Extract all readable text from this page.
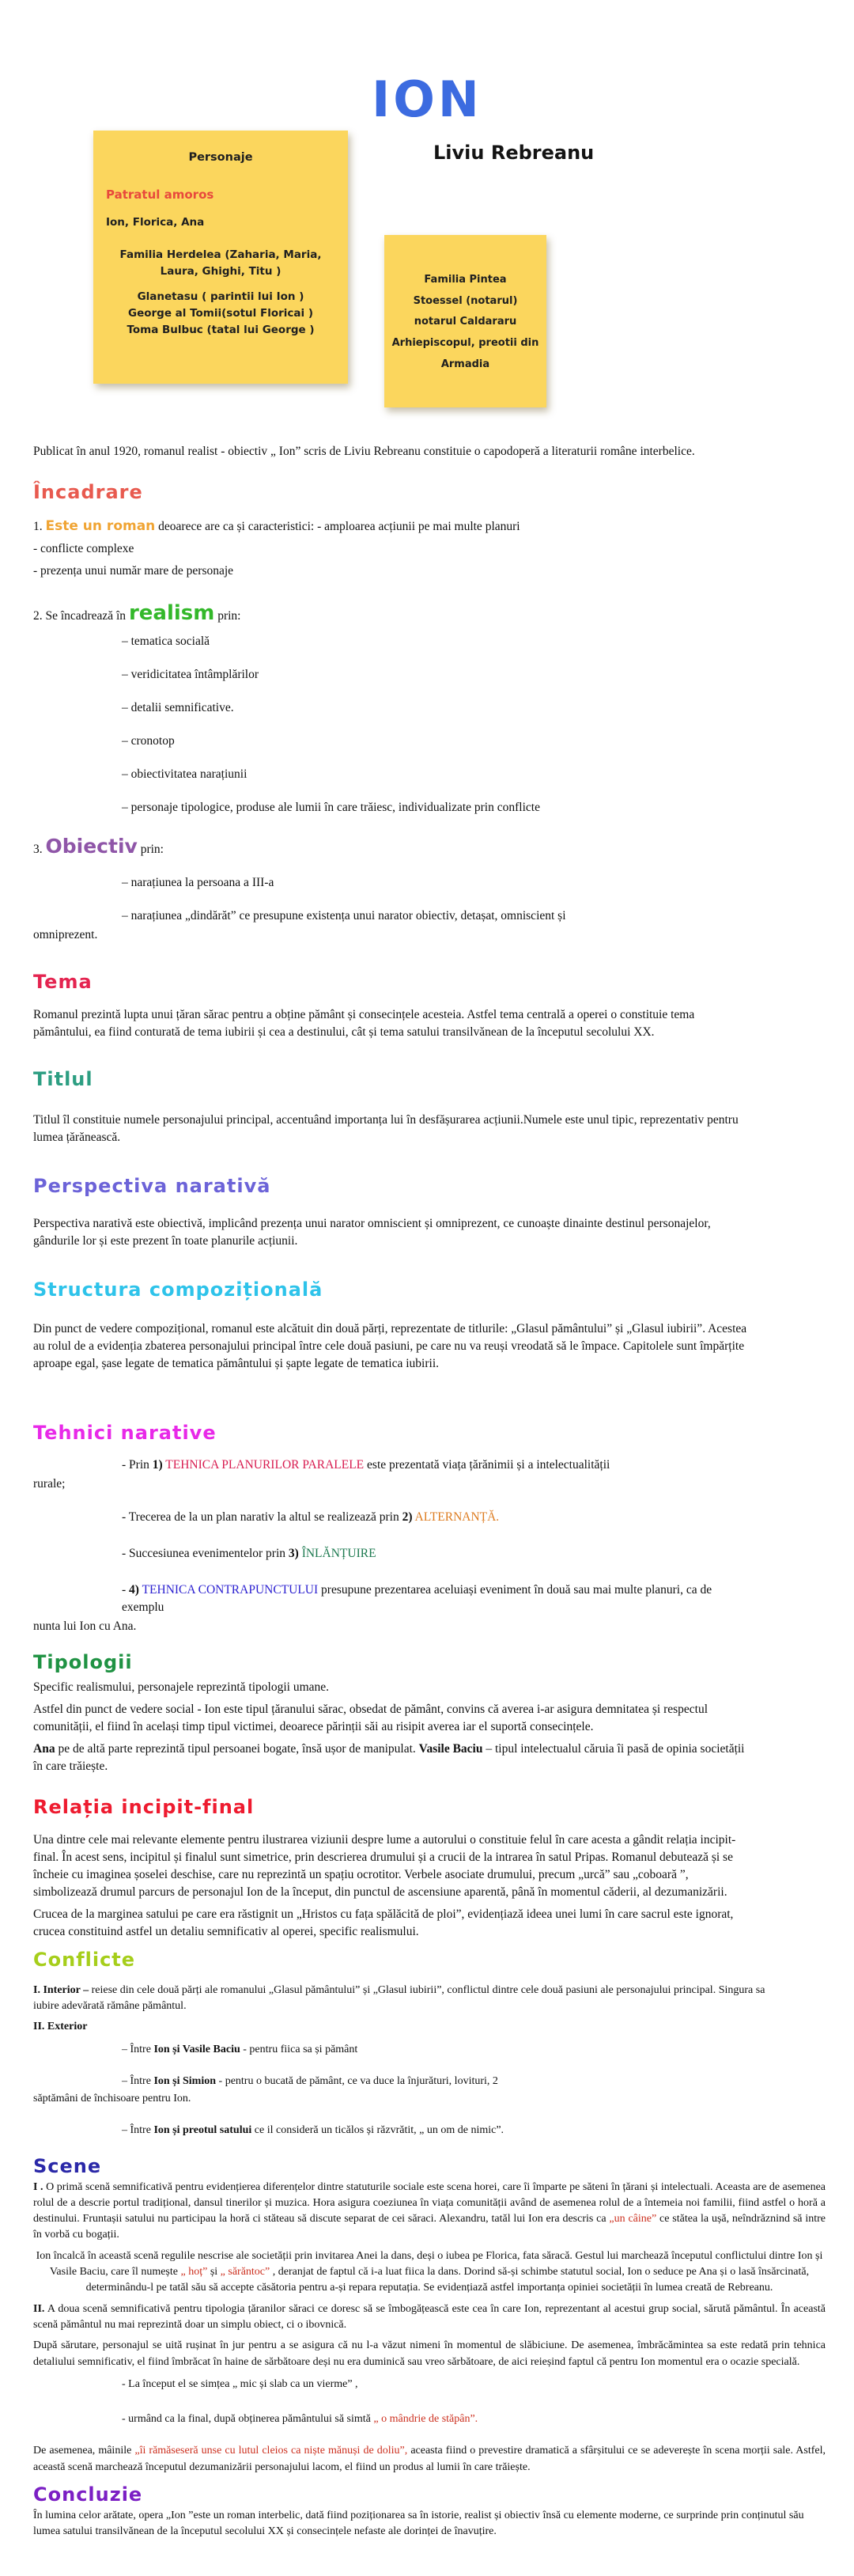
ION
Liviu Rebreanu
Personaje
Patratul amoros
Ion, Florica, Ana
Familia Herdelea (Zaharia, Maria,
Laura, Ghighi, Titu )
Glanetasu ( parintii lui Ion )
George al Tomii(sotul Floricai )
Toma Bulbuc (tatal lui George )
Familia Pintea
Stoessel (notarul)
notarul Caldararu
Arhiepiscopul, preotii din
Armadia

Publicat în anul 1920, romanul realist - obiectiv „ Ion” scris de Liviu Rebreanu constituie o capodoperă a literaturii române interbelice.

Încadrare

1. Este un roman deoarece are ca și caracteristici: - amploarea acțiunii pe mai multe planuri

- conflicte complexe

- prezența unui număr mare de personaje

2. Se încadrează în realism prin:

– tematica socială
– veridicitatea întâmplărilor
– detalii semnificative.
– cronotop
– obiectivitatea narațiunii
– personaje tipologice, produse ale lumii în care trăiesc, individualizate prin conflicte

3. Obiectiv prin:

– narațiunea la persoana a III-a
– narațiunea „dindărăt” ce presupune existența unui narator obiectiv, detașat, omniscient și
omniprezent.
Tema

Romanul prezintă lupta unui țăran sărac pentru a obține pământ și consecințele acesteia. Astfel tema centrală a operei o constituie tema pământului, ea fiind conturată de tema iubirii și cea a destinului, cât și tema satului transilvănean de la începutul secolului XX.

Titlul

Titlul îl constituie numele personajului principal, accentuând importanța lui în desfășurarea acțiunii.Numele este unul tipic, reprezentativ pentru lumea țărănească.

Perspectiva narativă

Perspectiva narativă este obiectivă, implicând prezența unui narator omniscient și omniprezent, ce cunoaște dinainte destinul personajelor, gândurile lor și este prezent în toate planurile acțiunii.

Structura compozițională

Din punct de vedere compozițional, romanul este alcătuit din două părți, reprezentate de titlurile: „Glasul pământului” și „Glasul iubirii”. Acestea au rolul de a evidenția zbaterea personajului principal între cele două pasiuni, pe care nu va reuși vreodată să le împace. Capitolele sunt împărțite aproape egal, șase legate de tematica pământului și șapte legate de tematica iubirii.

Tehnici narative
- Prin 1) TEHNICA PLANURILOR PARALELE este prezentată viața țărănimii și a intelectualității
rurale;
- Trecerea de la un plan narativ la altul se realizează prin 2) ALTERNANȚĂ.
- Succesiunea evenimentelor prin 3) ÎNLĂNȚUIRE
- 4) TEHNICA CONTRAPUNCTULUI presupune prezentarea aceluiași eveniment în două sau mai multe planuri, ca de exemplu
nunta lui Ion cu Ana.
Tipologii

Specific realismului, personajele reprezintă tipologii umane.

Astfel din punct de vedere social - Ion este tipul țăranului sărac, obsedat de pământ, convins că averea i-ar asigura demnitatea și respectul comunității, el fiind în același timp tipul victimei, deoarece părinții săi au risipit averea iar el suportă consecințele.

Ana pe de altă parte reprezintă tipul persoanei bogate, însă ușor de manipulat. Vasile Baciu – tipul intelectualul căruia îi pasă de opinia societății în care trăiește.

Relația incipit-final

Una dintre cele mai relevante elemente pentru ilustrarea viziunii despre lume a autorului o constituie felul în care acesta a gândit relația incipit-final. În acest sens, incipitul și finalul sunt simetrice, prin descrierea drumului și a crucii de la intrarea în satul Pripas. Romanul debutează și se încheie cu imaginea șoselei deschise, care nu reprezintă un spațiu ocrotitor. Verbele asociate drumului, precum „urcă” sau „coboară ”, simbolizează drumul parcurs de personajul Ion de la început, din punctul de ascensiune aparentă, până în momentul căderii, al dezumanizării.

Crucea de la marginea satului pe care era răstignit un „Hristos cu fața spălăcită de ploi”, evidențiază ideea unei lumi în care sacrul este ignorat, crucea constituind astfel un detaliu semnificativ al operei, specific realismului.

Conflicte

I. Interior – reiese din cele două părți ale romanului „Glasul pământului” și „Glasul iubirii”, conflictul dintre cele două pasiuni ale personajului principal. Singura sa iubire adevărată rămâne pământul.

II. Exterior

– Între Ion și Vasile Baciu - pentru fiica sa și pământ
– Între Ion și Simion - pentru o bucată de pământ, ce va duce la înjurături, lovituri, 2
săptămâni de închisoare pentru Ion.
– Între Ion și preotul satului ce il consideră un ticălos și răzvrătit, „ un om de nimic”.
Scene

I . O primă scenă semnificativă pentru evidențierea diferențelor dintre statuturile sociale este scena horei, care îi împarte pe săteni în țărani și intelectuali. Aceasta are de asemenea rolul de a descrie portul tradițional, dansul tinerilor și muzica. Hora asigura coeziunea în viața comunității având de asemenea rolul de a întemeia noi familii, fiind astfel o horă a destinului. Fruntașii satului nu participau la horă ci stăteau să discute separat de cei săraci. Alexandru, tatăl lui Ion era descris ca „un câine” ce stătea la ușă, neîndrăznind să intre în vorbă cu bogații.

Ion încalcă în această scenă regulile nescrise ale societății prin invitarea Anei la dans, deși o iubea pe Florica, fata săracă. Gestul lui marchează începutul conflictului dintre Ion și Vasile Baciu, care îl numește „ hoț” și „ sărăntoc” , deranjat de faptul că i-a luat fiica la dans. Dorind să-și schimbe statutul social, Ion o seduce pe Ana și o lasă însărcinată, determinându-l pe tatăl său să accepte căsătoria pentru a-și repara reputația. Se evidențiază astfel importanța opiniei societății în lumea creată de Rebreanu.

II. A doua scenă semnificativă pentru tipologia țăranilor săraci ce doresc să se îmbogățească este cea în care Ion, reprezentant al acestui grup social, sărută pământul. În această scenă pământul nu mai reprezintă doar un simplu obiect, ci o ibovnică.

După sărutare, personajul se uită rușinat în jur pentru a se asigura că nu l-a văzut nimeni în momentul de slăbiciune. De asemenea, îmbrăcămintea sa este redată prin tehnica detaliului semnificativ, el fiind îmbrăcat în haine de sărbătoare deși nu era duminică sau vreo sărbătoare, de aici reieșind faptul că pentru Ion momentul era o ocazie specială.

- La început el se simțea „ mic și slab ca un vierme” ,
- urmând ca la final, după obținerea pământului să simtă „ o mândrie de stăpân”.

De asemenea, mâinile „îi rămăseseră unse cu lutul cleios ca niște mănuși de doliu”, aceasta fiind o prevestire dramatică a sfârșitului ce se adeverește în scena morții sale. Astfel, această scenă marchează începutul dezumanizării personajului lacom, el fiind un produs al lumii în care trăiește.

Concluzie

În lumina celor arătate, opera „Ion ”este un roman interbelic, dată fiind poziționarea sa în istorie, realist și obiectiv însă cu elemente moderne, ce surprinde prin conținutul său lumea satului transilvănean de la începutul secolului XX și consecințele nefaste ale dorinței de înavuțire.
